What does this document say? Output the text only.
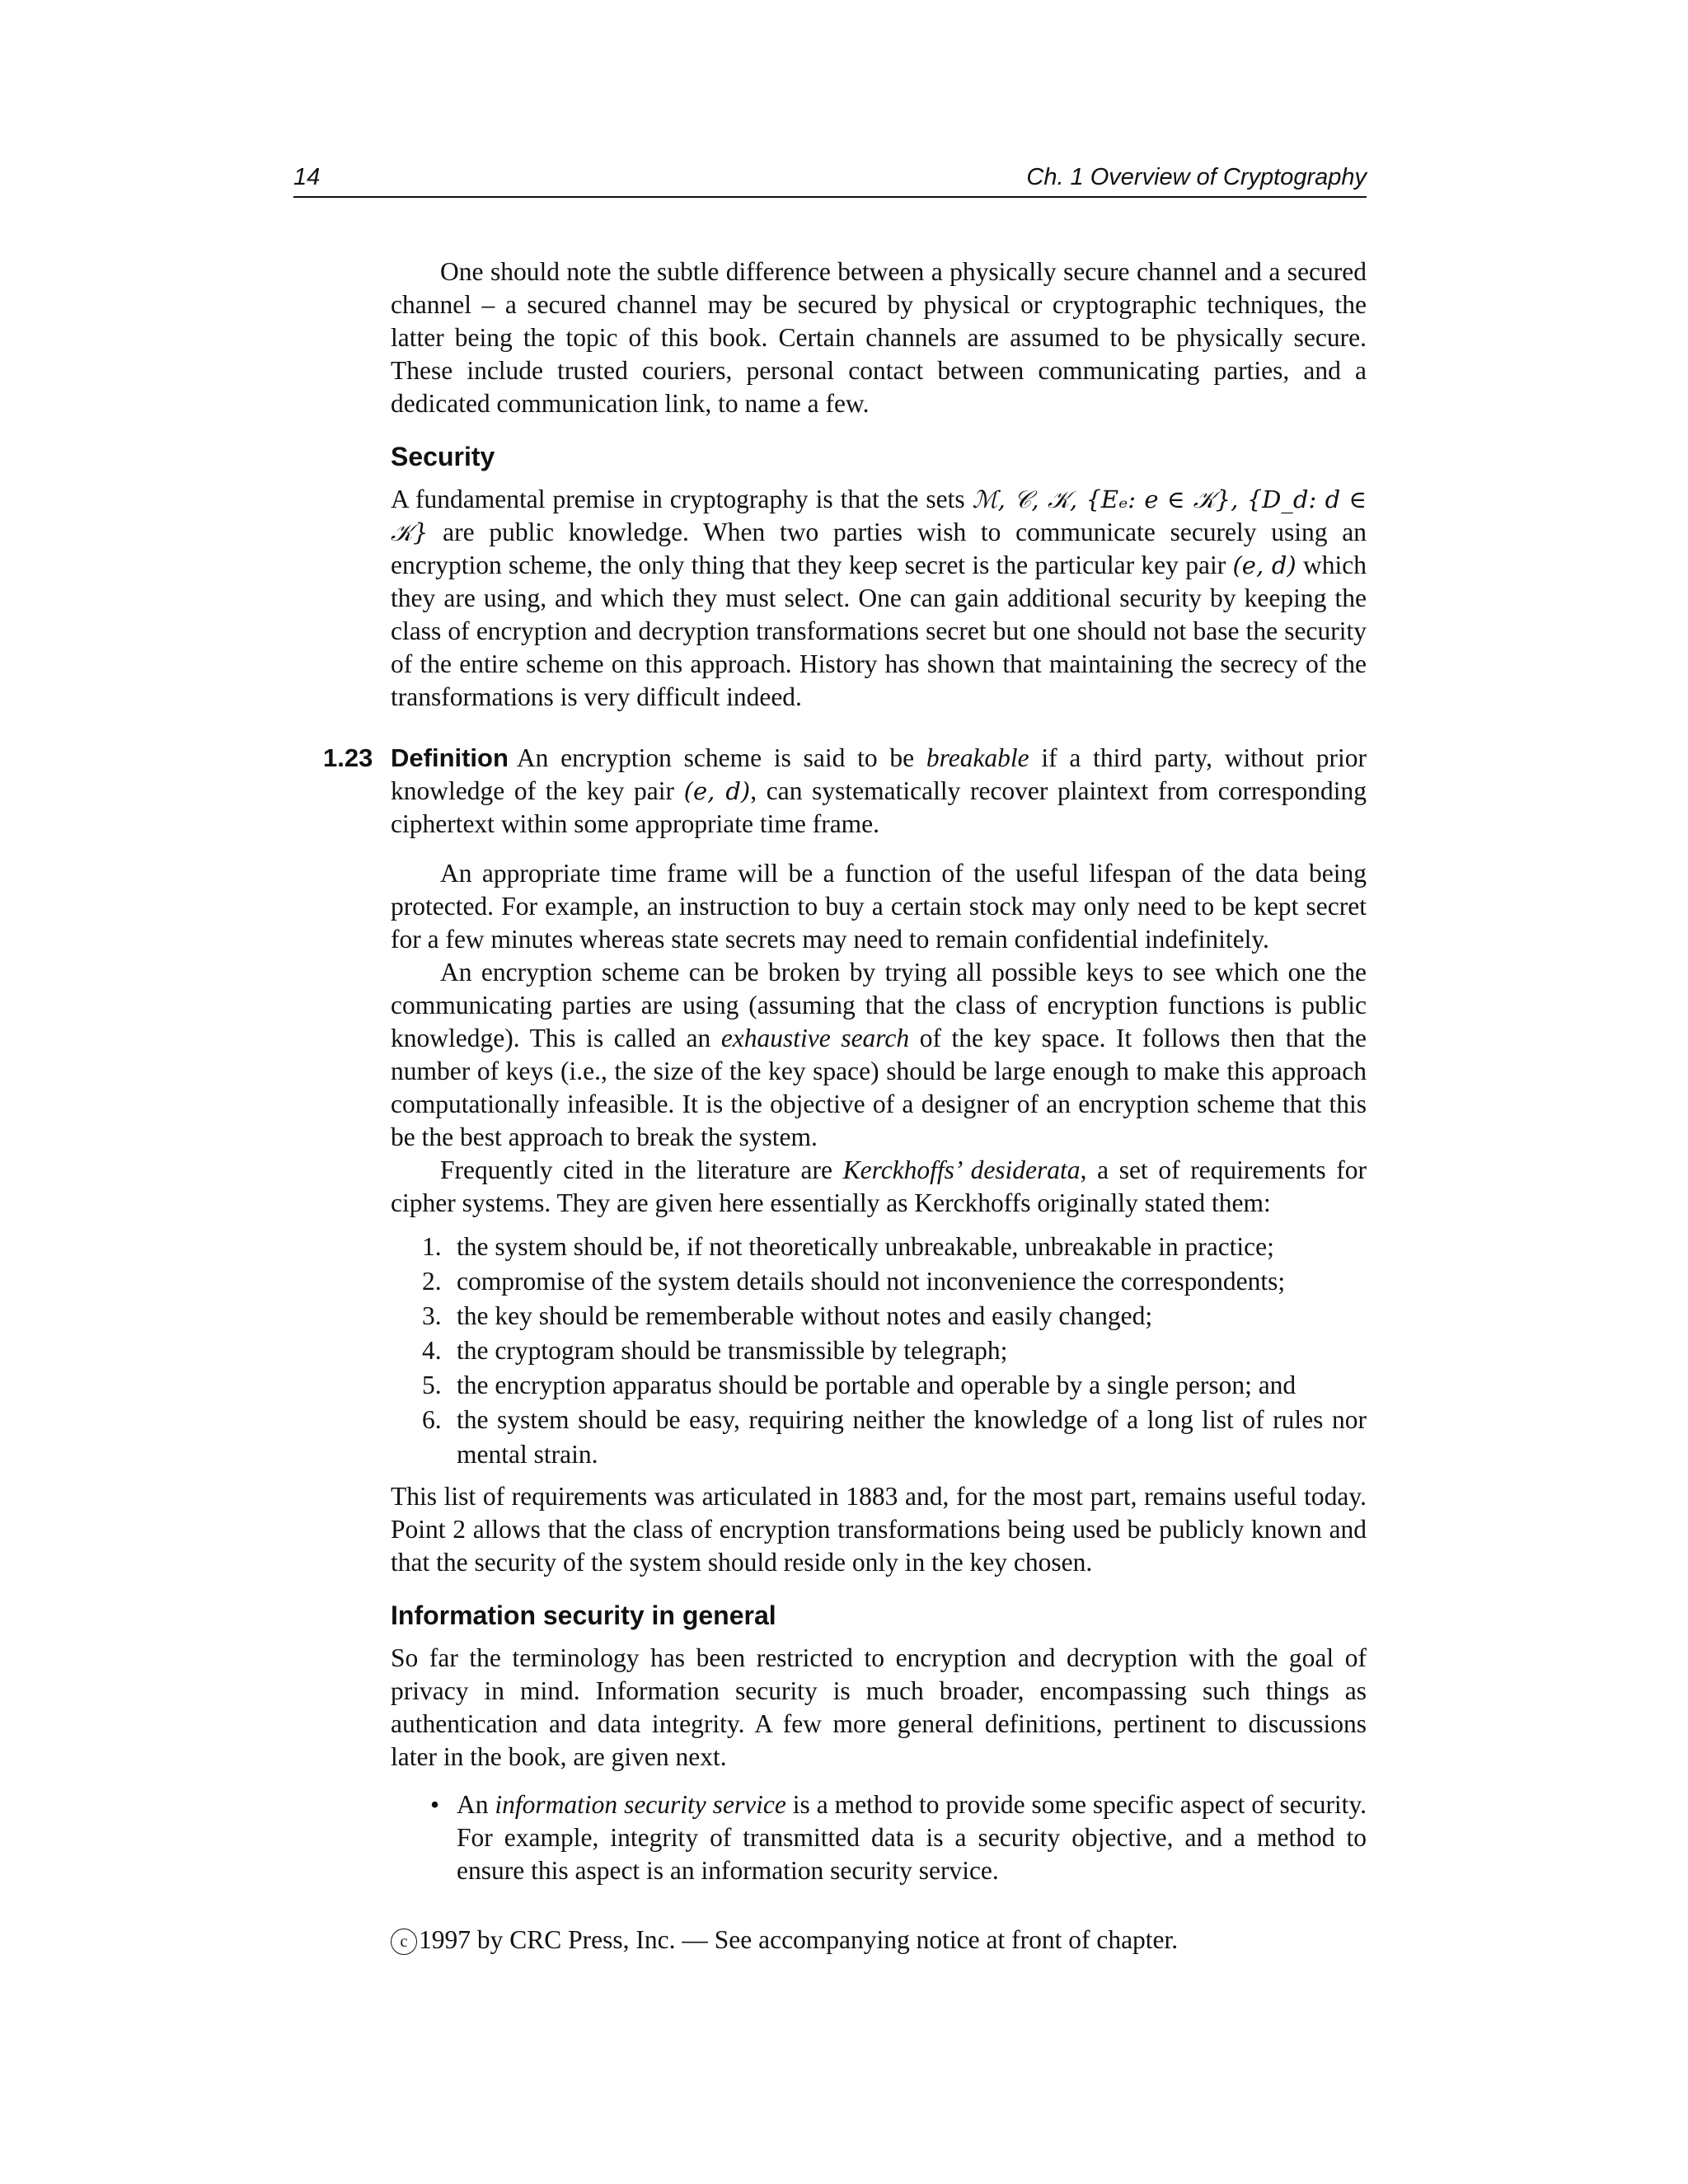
14	Ch. 1 Overview of Cryptography

One should note the subtle difference between a physically secure channel and a secured channel – a secured channel may be secured by physical or cryptographic techniques, the latter being the topic of this book. Certain channels are assumed to be physically secure. These include trusted couriers, personal contact between communicating parties, and a dedicated communication link, to name a few.

Security

A fundamental premise in cryptography is that the sets ℳ, 𝒞, 𝒦, {Eₑ: e ∈ 𝒦}, {D_d: d ∈ 𝒦} are public knowledge. When two parties wish to communicate securely using an encryption scheme, the only thing that they keep secret is the particular key pair (e, d) which they are using, and which they must select. One can gain additional security by keeping the class of encryption and decryption transformations secret but one should not base the security of the entire scheme on this approach. History has shown that maintaining the secrecy of the transformations is very difficult indeed.

1.23 Definition An encryption scheme is said to be breakable if a third party, without prior knowledge of the key pair (e, d), can systematically recover plaintext from corresponding ciphertext within some appropriate time frame.

An appropriate time frame will be a function of the useful lifespan of the data being protected. For example, an instruction to buy a certain stock may only need to be kept secret for a few minutes whereas state secrets may need to remain confidential indefinitely.

An encryption scheme can be broken by trying all possible keys to see which one the communicating parties are using (assuming that the class of encryption functions is public knowledge). This is called an exhaustive search of the key space. It follows then that the number of keys (i.e., the size of the key space) should be large enough to make this approach computationally infeasible. It is the objective of a designer of an encryption scheme that this be the best approach to break the system.

Frequently cited in the literature are Kerckhoffs’ desiderata, a set of requirements for cipher systems. They are given here essentially as Kerckhoffs originally stated them:

1. the system should be, if not theoretically unbreakable, unbreakable in practice;
2. compromise of the system details should not inconvenience the correspondents;
3. the key should be rememberable without notes and easily changed;
4. the cryptogram should be transmissible by telegraph;
5. the encryption apparatus should be portable and operable by a single person; and
6. the system should be easy, requiring neither the knowledge of a long list of rules nor mental strain.

This list of requirements was articulated in 1883 and, for the most part, remains useful today. Point 2 allows that the class of encryption transformations being used be publicly known and that the security of the system should reside only in the key chosen.

Information security in general

So far the terminology has been restricted to encryption and decryption with the goal of privacy in mind. Information security is much broader, encompassing such things as authentication and data integrity. A few more general definitions, pertinent to discussions later in the book, are given next.

• An information security service is a method to provide some specific aspect of security. For example, integrity of transmitted data is a security objective, and a method to ensure this aspect is an information security service.
c 1997 by CRC Press, Inc. — See accompanying notice at front of chapter.
